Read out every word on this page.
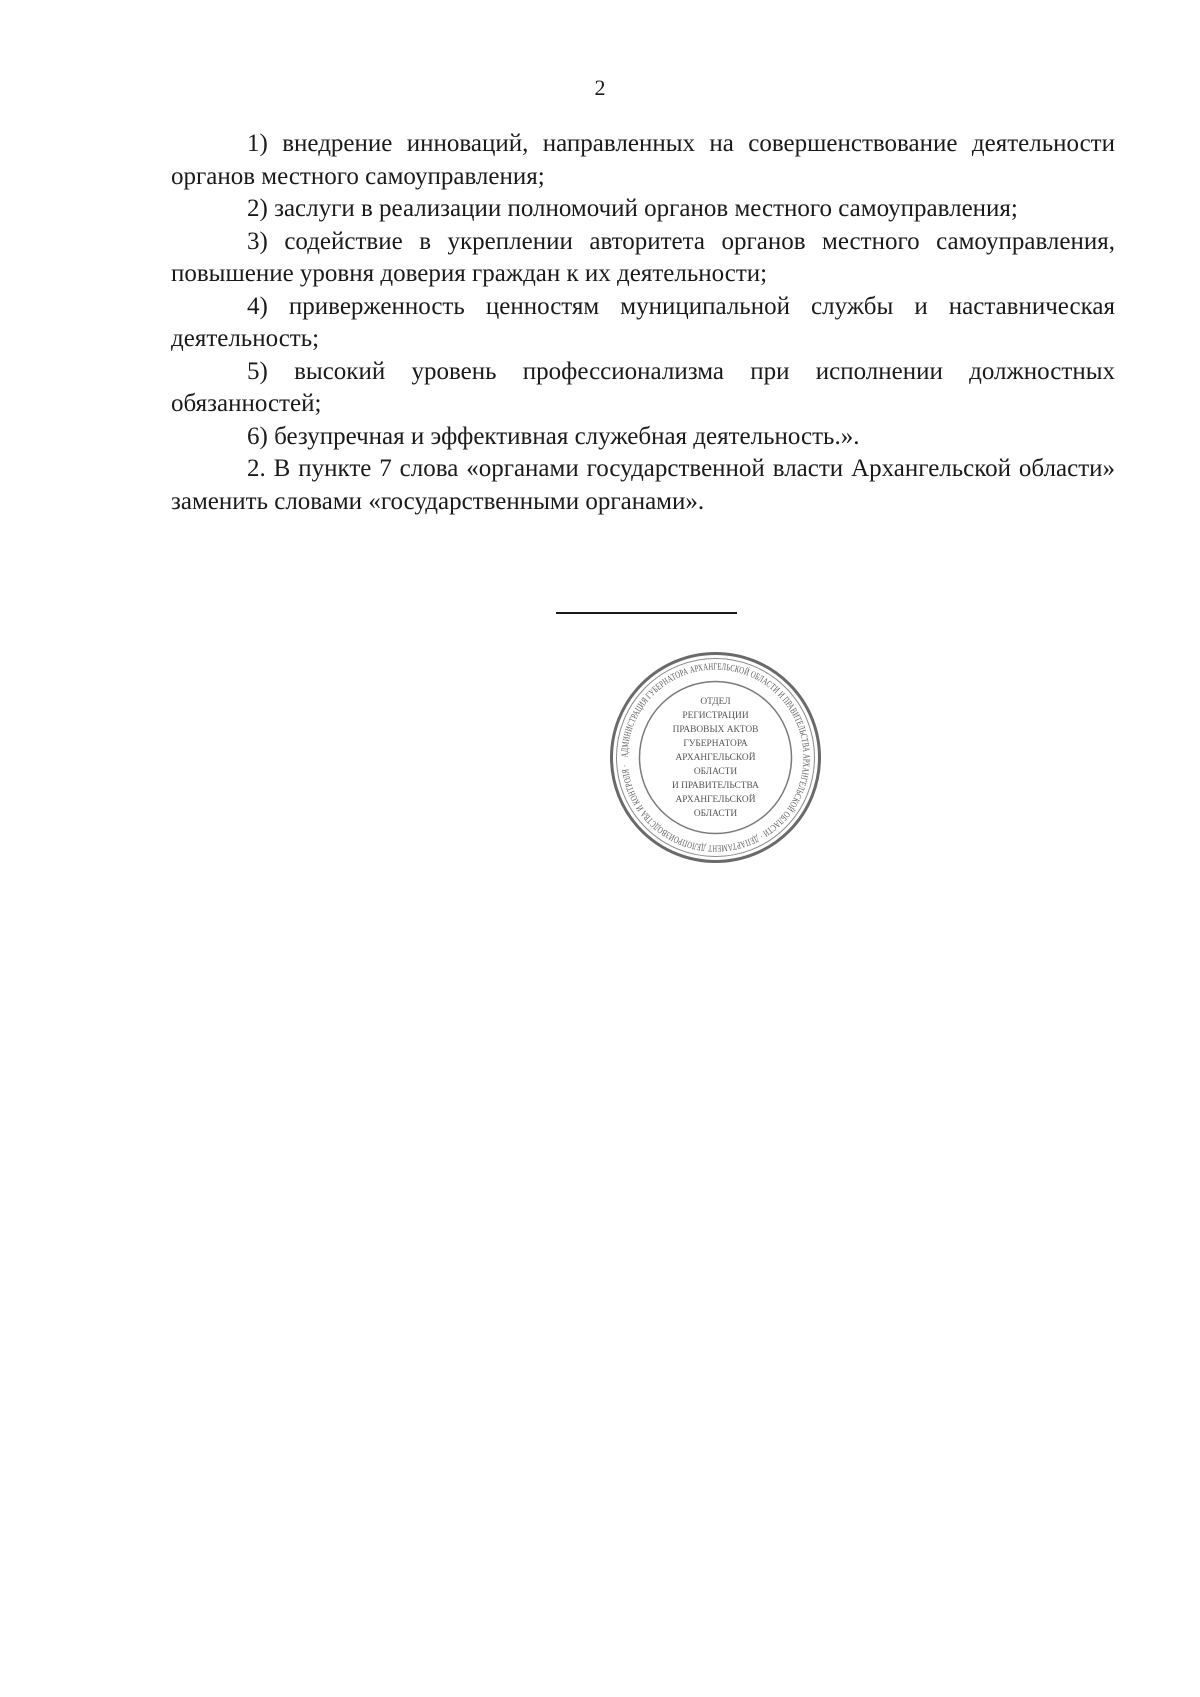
2

1) внедрение инноваций, направленных на совершенствование деятельности органов местного самоуправления;

2) заслуги в реализации полномочий органов местного самоуправления;

3) содействие в укреплении авторитета органов местного самоуправления, повышение уровня доверия граждан к их деятельности;

4) приверженность ценностям муниципальной службы и наставническая деятельность;

5) высокий уровень профессионализма при исполнении должностных обязанностей;

6) безупречная и эффективная служебная деятельность.».

2. В пункте 7 слова «органами государственной власти Архангельской области» заменить словами «государственными органами».

АДМИНИСТРАЦИЯ ГУБЕРНАТОРА АРХАНГЕЛЬСКОЙ ОБЛАСТИ И ПРАВИТЕЛЬСТВА АРХАНГЕЛЬСКОЙ ОБЛАСТИ · ДЕПАРТАМЕНТ ДЕЛОПРОИЗВОДСТВА И КОНТРОЛЯ ·
ОТДЕЛ
РЕГИСТРАЦИИ
ПРАВОВЫХ АКТОВ
ГУБЕРНАТОРА
АРХАНГЕЛЬСКОЙ
ОБЛАСТИ
И ПРАВИТЕЛЬСТВА
АРХАНГЕЛЬСКОЙ
ОБЛАСТИ
